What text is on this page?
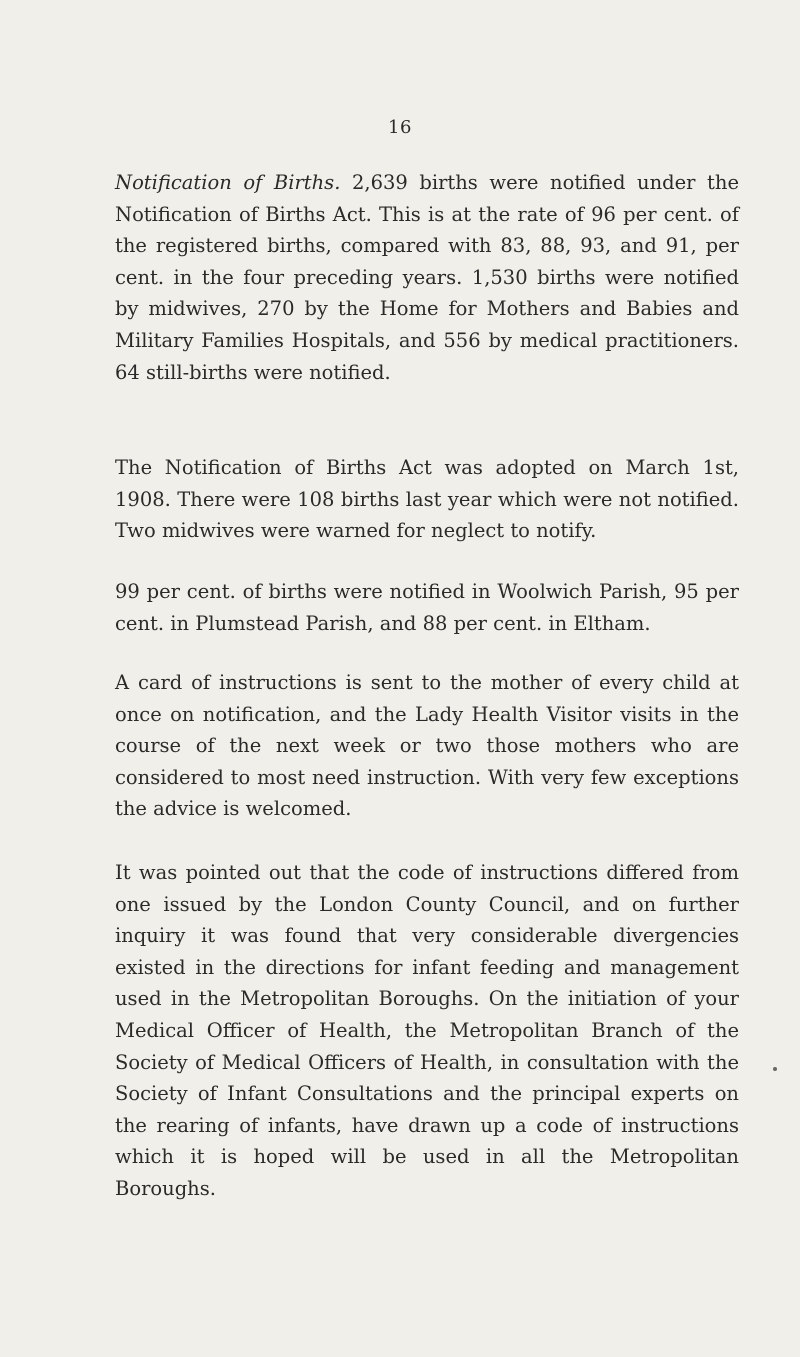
16

Notification of Births. 2,639 births were notified under the Notification of Births Act. This is at the rate of 96 per cent. of the registered births, compared with 83, 88, 93, and 91, per cent. in the four preceding years. 1,530 births were notified by midwives, 270 by the Home for Mothers and Babies and Military Families Hospitals, and 556 by medical practitioners. 64 still-births were notified.

The Notification of Births Act was adopted on March 1st, 1908. There were 108 births last year which were not notified. Two midwives were warned for neglect to notify.

99 per cent. of births were notified in Woolwich Parish, 95 per cent. in Plumstead Parish, and 88 per cent. in Eltham.

A card of instructions is sent to the mother of every child at once on notification, and the Lady Health Visitor visits in the course of the next week or two those mothers who are considered to most need instruction. With very few exceptions the advice is welcomed.

It was pointed out that the code of instructions differed from one issued by the London County Council, and on further inquiry it was found that very considerable divergencies existed in the directions for infant feeding and management used in the Metropolitan Boroughs. On the initiation of your Medical Officer of Health, the Metropolitan Branch of the Society of Medical Officers of Health, in consultation with the Society of Infant Consultations and the principal experts on the rearing of infants, have drawn up a code of instructions which it is hoped will be used in all the Metropolitan Boroughs.
